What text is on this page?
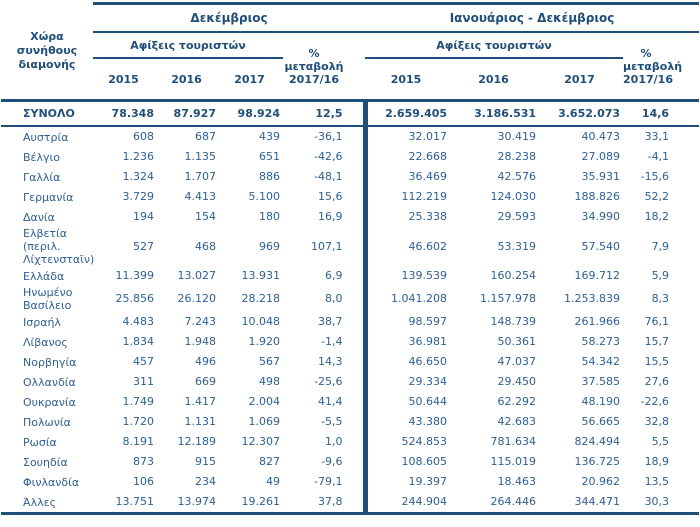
Χώρα συνήθους διαμονής	Δεκέμβριος				Ιανουάριος - Δεκέμβριος			
	Αφίξεις τουριστών			% μεταβολή 2017/16	Αφίξεις τουριστών			% μεταβολή 2017/16
	2015	2016	2017		2015	2016	2017	
ΣΥΝΟΛΟ	78.348	87.927	98.924	12,5	2.659.405	3.186.531	3.652.073	14,6
Αυστρία	608	687	439	-36,1	32.017	30.419	40.473	33,1
Βέλγιο	1.236	1.135	651	-42,6	22.668	28.238	27.089	-4,1
Γαλλία	1.324	1.707	886	-48,1	36.469	42.576	35.931	-15,6
Γερμανία	3.729	4.413	5.100	15,6	112.219	124.030	188.826	52,2
Δανία	194	154	180	16,9	25.338	29.593	34.990	18,2
Ελβετία (περιλ. Λίχτενσταϊν)	527	468	969	107,1	46.602	53.319	57.540	7,9
Ελλάδα	11.399	13.027	13.931	6,9	139.539	160.254	169.712	5,9
Ηνωμένο Βασίλειο	25.856	26.120	28.218	8,0	1.041.208	1.157.978	1.253.839	8,3
Ισραήλ	4.483	7.243	10.048	38,7	98.597	148.739	261.966	76,1
Λίβανος	1.834	1.948	1.920	-1,4	36.981	50.361	58.273	15,7
Νορβηγία	457	496	567	14,3	46.650	47.037	54.342	15,5
Ολλανδία	311	669	498	-25,6	29.334	29.450	37.585	27,6
Ουκρανία	1.749	1.417	2.004	41,4	50.644	62.292	48.190	-22,6
Πολωνία	1.720	1.131	1.069	-5,5	43.380	42.683	56.665	32,8
Ρωσία	8.191	12.189	12.307	1,0	524.853	781.634	824.494	5,5
Σουηδία	873	915	827	-9,6	108.605	115.019	136.725	18,9
Φινλανδία	106	234	49	-79,1	19.397	18.463	20.962	13,5
Άλλες	13.751	13.974	19.261	37,8	244.904	264.446	344.471	30,3
